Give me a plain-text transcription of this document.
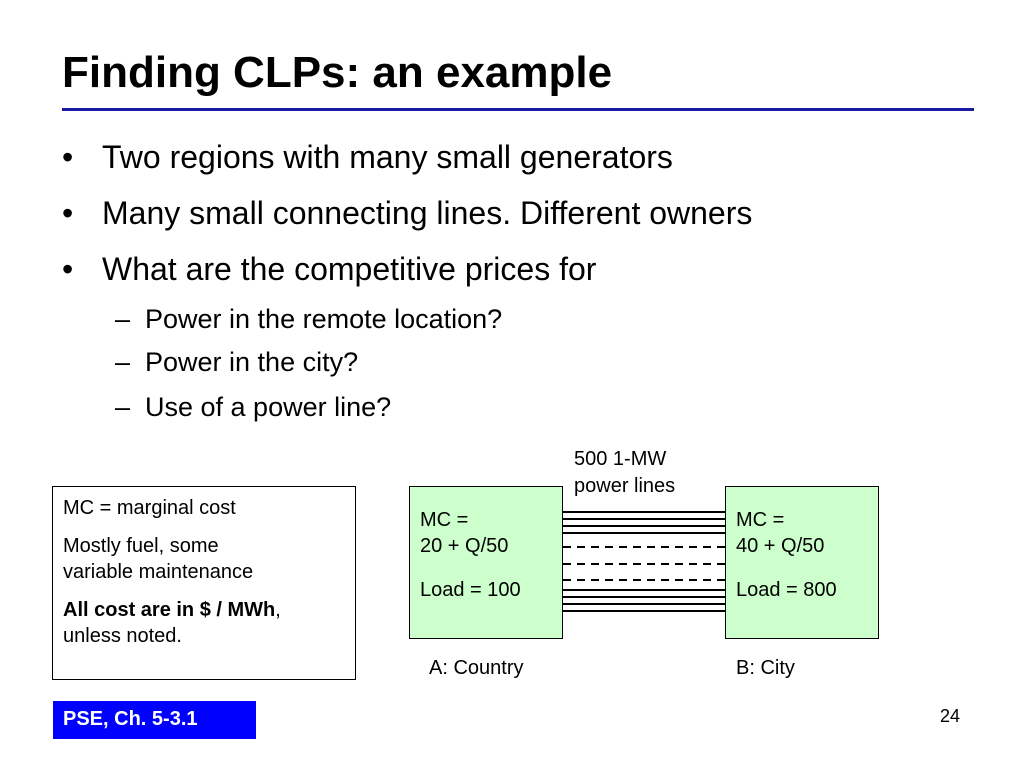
Finding CLPs: an example
• Two regions with many small generators
• Many small connecting lines. Different owners
• What are the competitive prices for
– Power in the remote location?
– Power in the city?
– Use of a power line?

MC = marginal cost

Mostly fuel, some
variable maintenance

All cost are in $ / MWh,
unless noted.

500 1-MW
power lines
MC =
20 + Q/50
Load = 100
MC =
40 + Q/50
Load = 800
A: Country	B: City
PSE, Ch. 5-3.1	24
